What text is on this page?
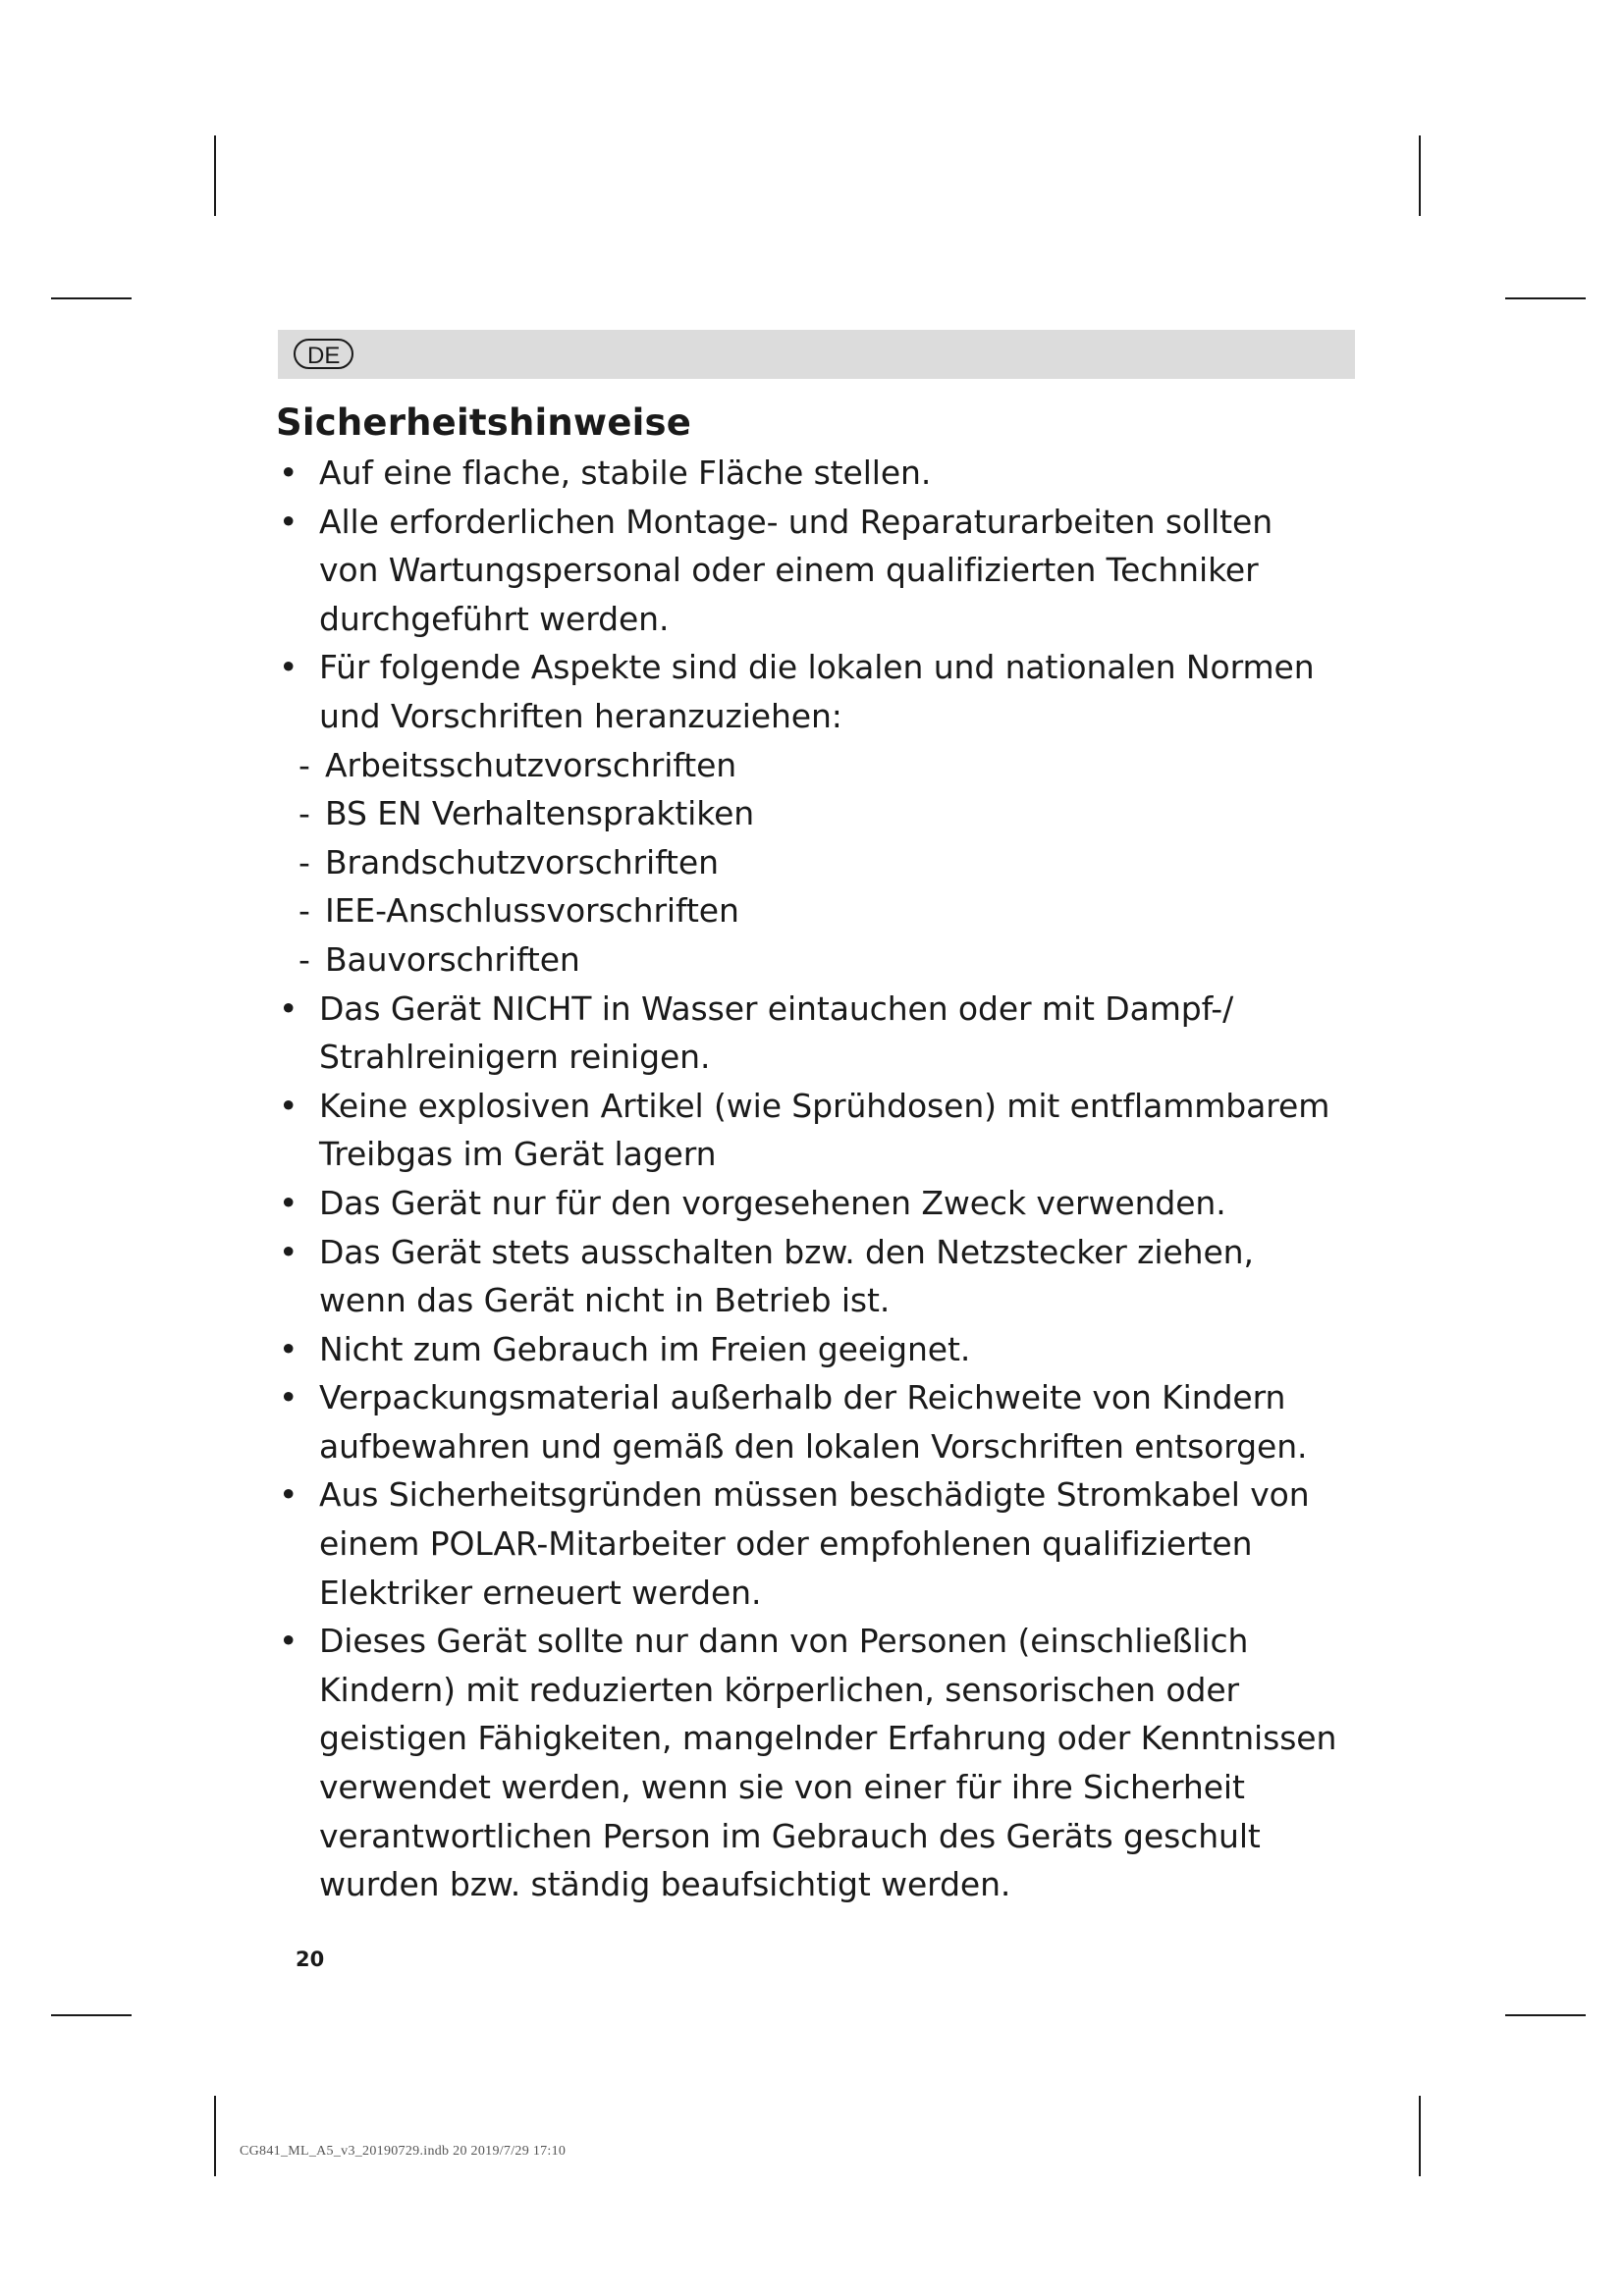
DE
Sicherheitshinweise
• Auf eine flache, stabile Fläche stellen.
• Alle erforderlichen Montage- und Reparaturarbeiten sollten
von Wartungspersonal oder einem qualifizierten Techniker
durchgeführt werden.
• Für folgende Aspekte sind die lokalen und nationalen Normen
und Vorschriften heranzuziehen:
- Arbeitsschutzvorschriften
- BS EN Verhaltenspraktiken
- Brandschutzvorschriften
- IEE-Anschlussvorschriften
- Bauvorschriften
• Das Gerät NICHT in Wasser eintauchen oder mit Dampf-/
Strahlreinigern reinigen.
• Keine explosiven Artikel (wie Sprühdosen) mit entflammbarem
Treibgas im Gerät lagern
• Das Gerät nur für den vorgesehenen Zweck verwenden.
• Das Gerät stets ausschalten bzw. den Netzstecker ziehen,
wenn das Gerät nicht in Betrieb ist.
• Nicht zum Gebrauch im Freien geeignet.
• Verpackungsmaterial außerhalb der Reichweite von Kindern
aufbewahren und gemäß den lokalen Vorschriften entsorgen.
• Aus Sicherheitsgründen müssen beschädigte Stromkabel von
einem POLAR-Mitarbeiter oder empfohlenen qualifizierten
Elektriker erneuert werden.
• Dieses Gerät sollte nur dann von Personen (einschließlich
Kindern) mit reduzierten körperlichen, sensorischen oder
geistigen Fähigkeiten, mangelnder Erfahrung oder Kenntnissen
verwendet werden, wenn sie von einer für ihre Sicherheit
verantwortlichen Person im Gebrauch des Geräts geschult
wurden bzw. ständig beaufsichtigt werden.
20
CG841_ML_A5_v3_20190729.indb 20 2019/7/29 17:10
